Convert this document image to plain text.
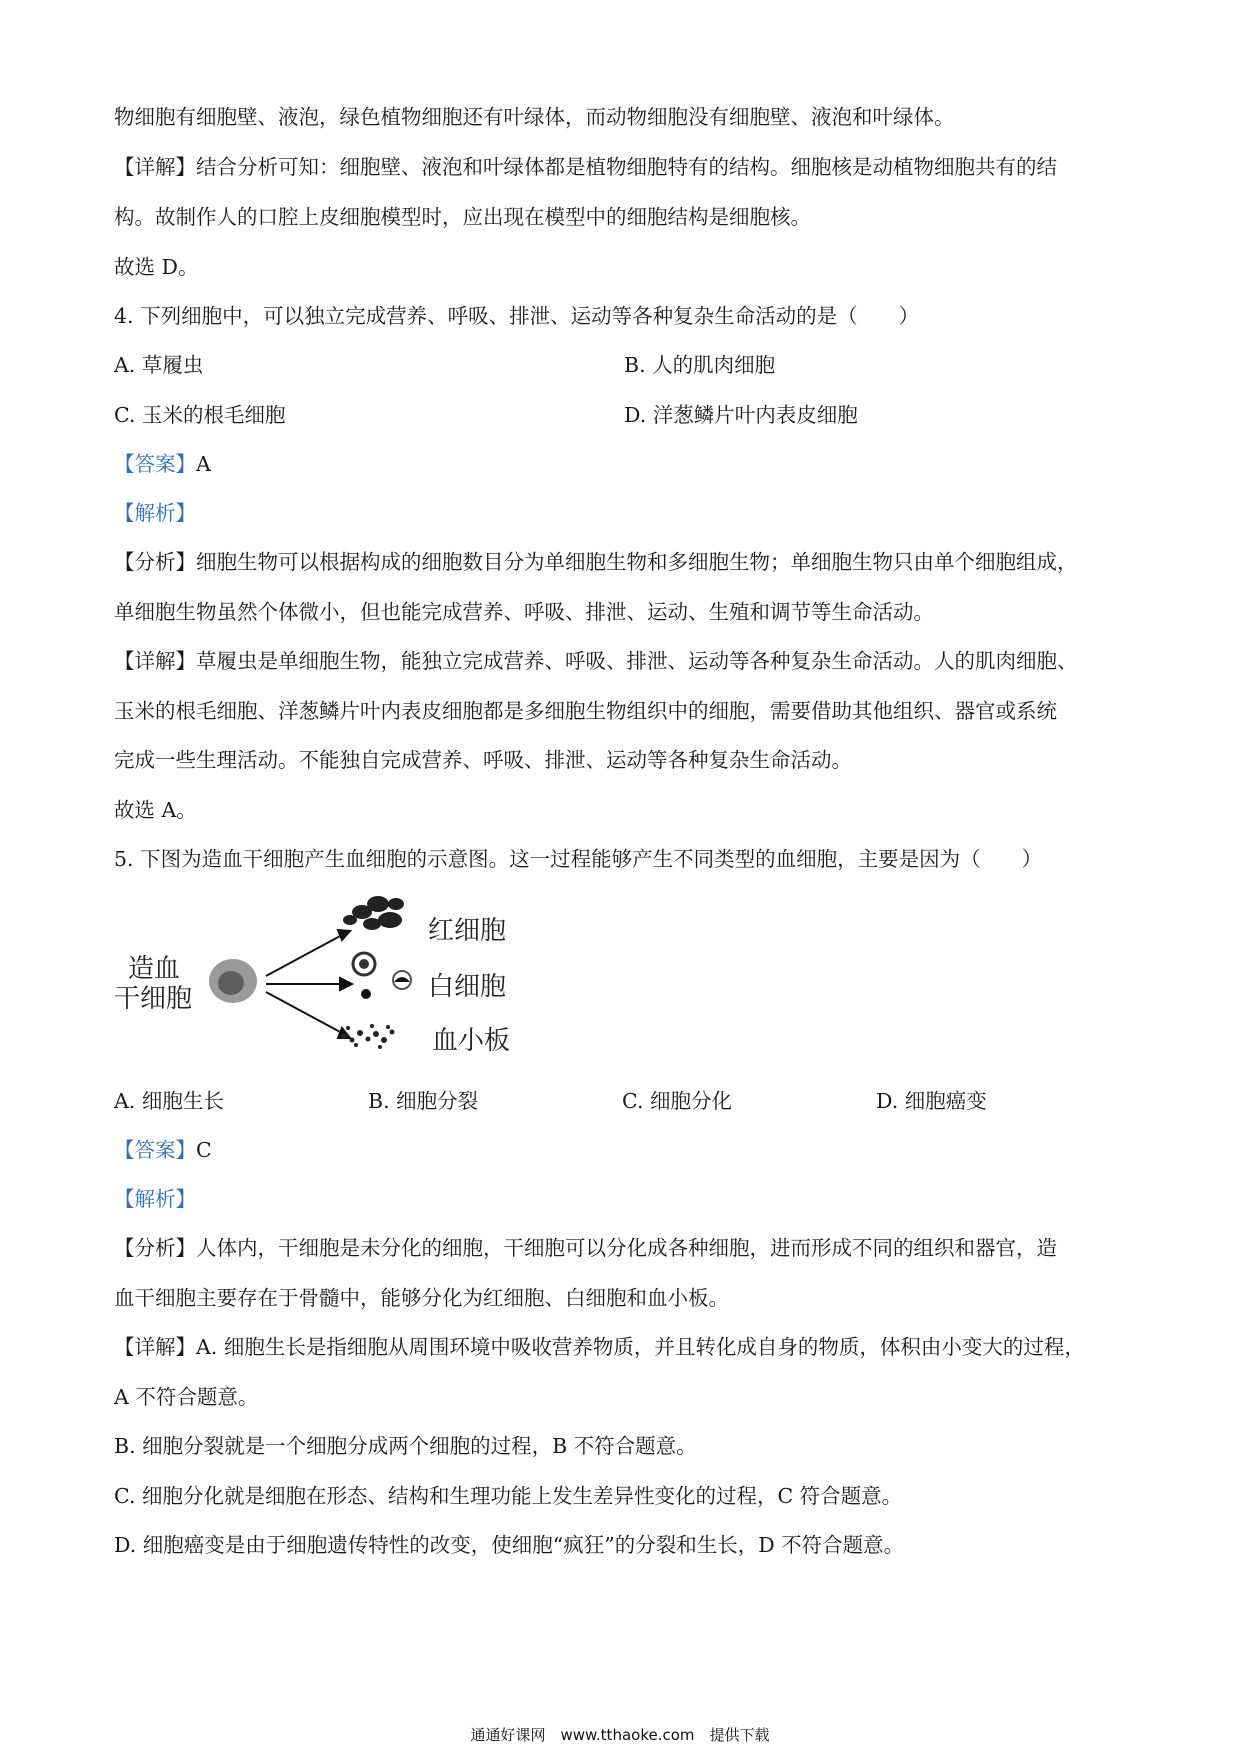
物细胞有细胞壁、液泡，绿色植物细胞还有叶绿体，而动物细胞没有细胞壁、液泡和叶绿体。
【详解】结合分析可知：细胞壁、液泡和叶绿体都是植物细胞特有的结构。细胞核是动植物细胞共有的结
构。故制作人的口腔上皮细胞模型时，应出现在模型中的细胞结构是细胞核。
故选 D。
4. 下列细胞中，可以独立完成营养、呼吸、排泄、运动等各种复杂生命活动的是（　　）
A. 草履虫	B. 人的肌肉细胞
C. 玉米的根毛细胞	D. 洋葱鳞片叶内表皮细胞
【答案】A
【解析】
【分析】细胞生物可以根据构成的细胞数目分为单细胞生物和多细胞生物；单细胞生物只由单个细胞组成，
单细胞生物虽然个体微小，但也能完成营养、呼吸、排泄、运动、生殖和调节等生命活动。
【详解】草履虫是单细胞生物，能独立完成营养、呼吸、排泄、运动等各种复杂生命活动。人的肌肉细胞、
玉米的根毛细胞、洋葱鳞片叶内表皮细胞都是多细胞生物组织中的细胞，需要借助其他组织、器官或系统
完成一些生理活动。不能独自完成营养、呼吸、排泄、运动等各种复杂生命活动。
故选 A。
5. 下图为造血干细胞产生血细胞的示意图。这一过程能够产生不同类型的血细胞，主要是因为（　　）
造血
干细胞
红细胞
白细胞
血小板
A. 细胞生长	B. 细胞分裂	C. 细胞分化	D. 细胞癌变
【答案】C
【解析】
【分析】人体内，干细胞是未分化的细胞，干细胞可以分化成各种细胞，进而形成不同的组织和器官，造
血干细胞主要存在于骨髓中，能够分化为红细胞、白细胞和血小板。
【详解】A. 细胞生长是指细胞从周围环境中吸收营养物质，并且转化成自身的物质，体积由小变大的过程，
A 不符合题意。
B. 细胞分裂就是一个细胞分成两个细胞的过程，B 不符合题意。
C. 细胞分化就是细胞在形态、结构和生理功能上发生差异性变化的过程，C 符合题意。
D. 细胞癌变是由于细胞遗传特性的改变，使细胞“疯狂”的分裂和生长，D 不符合题意。
通通好课网　www.tthaoke.com　提供下载
